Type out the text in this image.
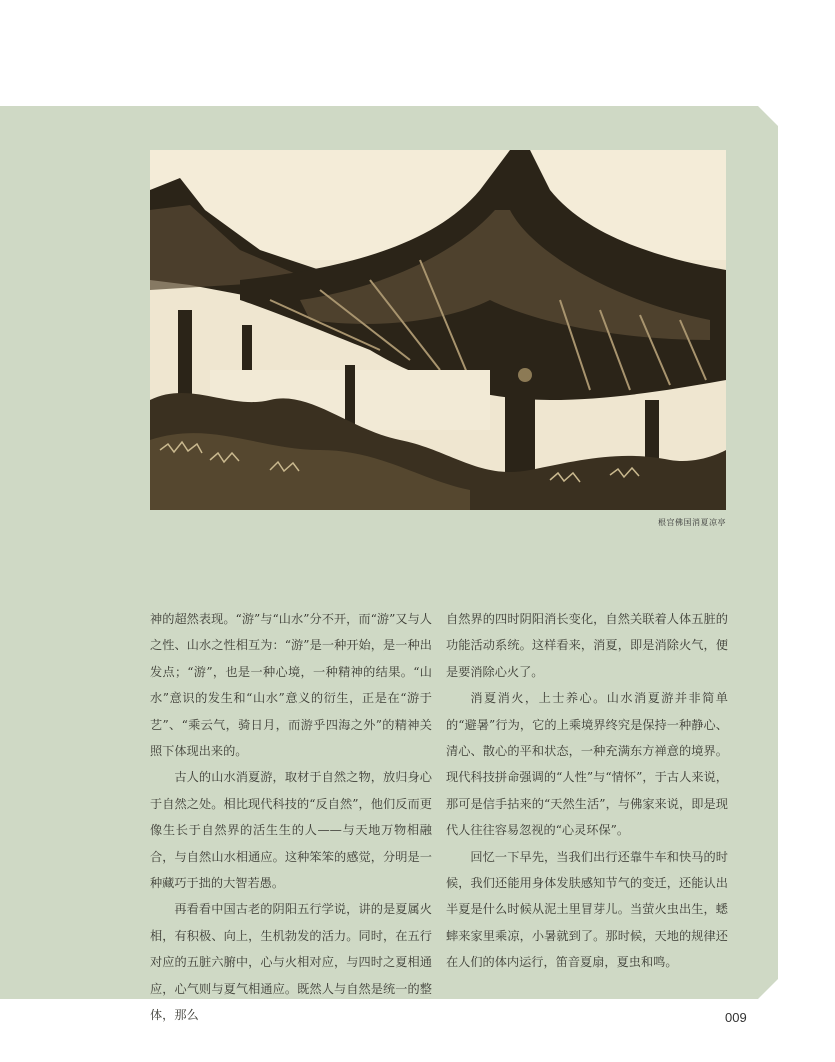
根宫佛国消夏凉亭

神的超然表现。“游”与“山水”分不开，而“游”又与人之性、山水之性相互为：“游”是一种开始，是一种出发点；“游”，也是一种心境，一种精神的结果。“山水”意识的发生和“山水”意义的衍生，正是在“游于艺”、“乘云气，骑日月，而游乎四海之外”的精神关照下体现出来的。

古人的山水消夏游，取材于自然之物，放归身心于自然之处。相比现代科技的“反自然”，他们反而更像生长于自然界的活生生的人——与天地万物相融合，与自然山水相通应。这种笨笨的感觉，分明是一种藏巧于拙的大智若愚。

再看看中国古老的阴阳五行学说，讲的是夏属火相，有积极、向上，生机勃发的活力。同时，在五行对应的五脏六腑中，心与火相对应，与四时之夏相通应，心气则与夏气相通应。既然人与自然是统一的整体，那么

自然界的四时阴阳消长变化，自然关联着人体五脏的功能活动系统。这样看来，消夏，即是消除火气，便是要消除心火了。

消夏消火，上士养心。山水消夏游并非简单的“避暑”行为，它的上乘境界终究是保持一种静心、清心、散心的平和状态，一种充满东方禅意的境界。现代科技拼命强调的“人性”与“情怀”，于古人来说，那可是信手拈来的“天然生活”，与佛家来说，即是现代人往往容易忽视的“心灵环保”。

回忆一下早先，当我们出行还靠牛车和快马的时候，我们还能用身体发肤感知节气的变迁，还能认出半夏是什么时候从泥土里冒芽儿。当萤火虫出生，蟋蟀来家里乘凉，小暑就到了。那时候，天地的规律还在人们的体内运行，笛音夏扇，夏虫和鸣。

009
